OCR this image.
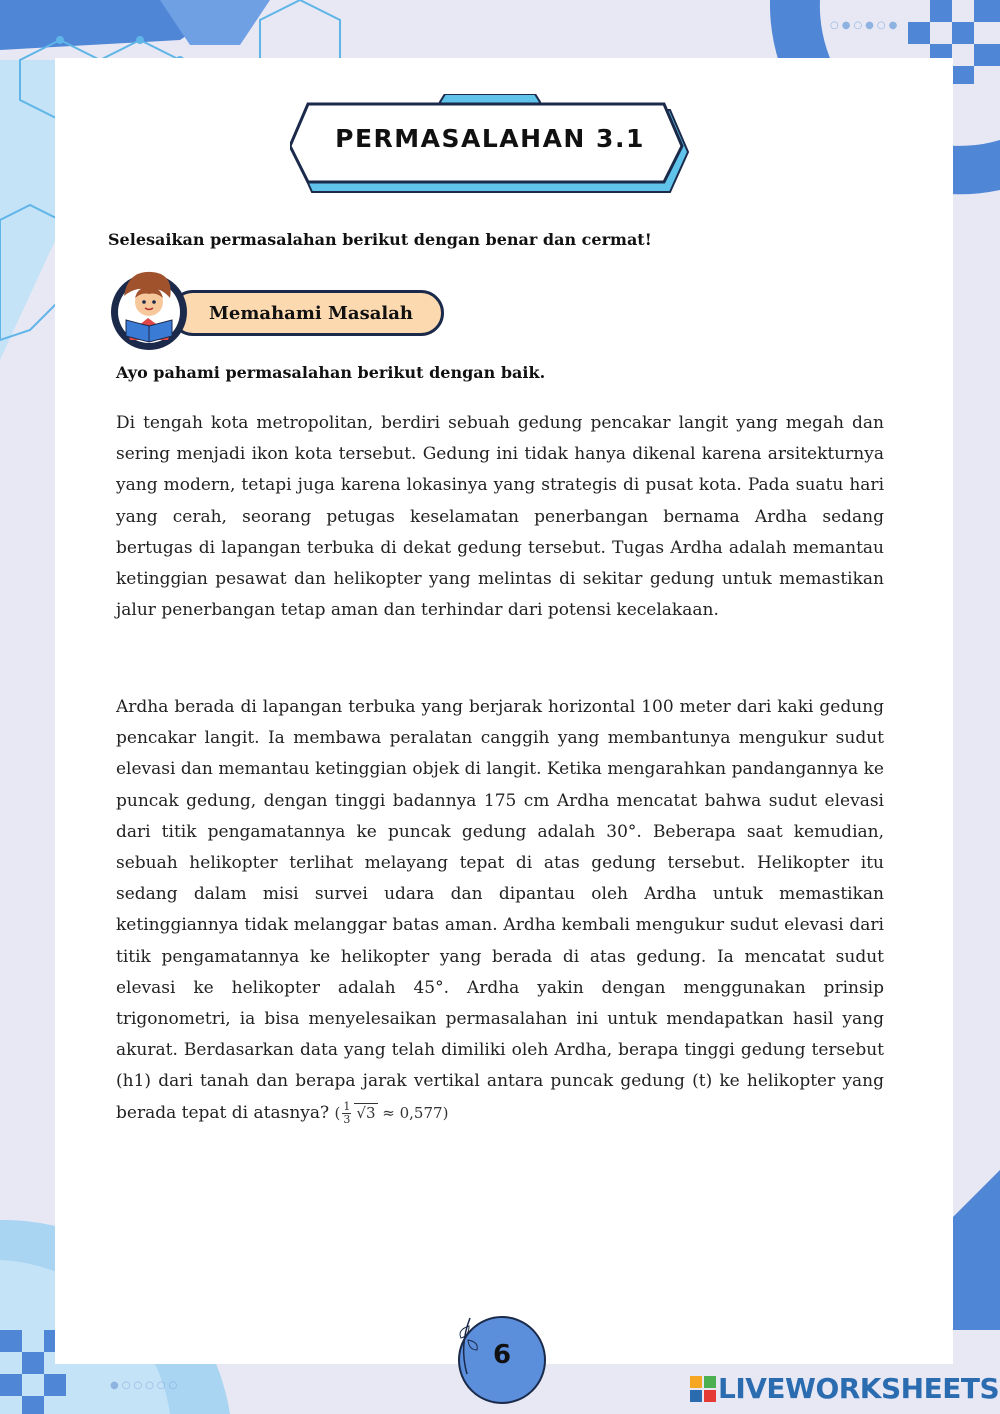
○●○●○●
●○○○○○
PERMASALAHAN 3.1
Selesaikan permasalahan berikut dengan benar dan cermat!
Memahami Masalah
Ayo pahami permasalahan berikut dengan baik.

Di tengah kota metropolitan, berdiri sebuah gedung pencakar langit yang megah dan sering menjadi ikon kota tersebut. Gedung ini tidak hanya dikenal karena arsitekturnya yang modern, tetapi juga karena lokasinya yang strategis di pusat kota. Pada suatu hari yang cerah, seorang petugas keselamatan penerbangan bernama Ardha sedang bertugas di lapangan terbuka di dekat gedung tersebut. Tugas Ardha adalah memantau ketinggian pesawat dan helikopter yang melintas di sekitar gedung untuk memastikan jalur penerbangan tetap aman dan terhindar dari potensi kecelakaan.

Ardha berada di lapangan terbuka yang berjarak horizontal 100 meter dari kaki gedung pencakar langit. Ia membawa peralatan canggih yang membantunya mengukur sudut elevasi dan memantau ketinggian objek di langit. Ketika mengarahkan pandangannya ke puncak gedung, dengan tinggi badannya 175 cm Ardha mencatat bahwa sudut elevasi dari titik pengamatannya ke puncak gedung adalah 30°. Beberapa saat kemudian, sebuah helikopter terlihat melayang tepat di atas gedung tersebut. Helikopter itu sedang dalam misi survei udara dan dipantau oleh Ardha untuk memastikan ketinggiannya tidak melanggar batas aman. Ardha kembali mengukur sudut elevasi dari titik pengamatannya ke helikopter yang berada di atas gedung. Ia mencatat sudut elevasi ke helikopter adalah 45°. Ardha yakin dengan menggunakan prinsip trigonometri, ia bisa menyelesaikan permasalahan ini untuk mendapatkan hasil yang akurat. Berdasarkan data yang telah dimiliki oleh Ardha, berapa tinggi gedung tersebut (h1) dari tanah dan berapa jarak vertikal antara puncak gedung (t) ke helikopter yang berada tepat di atasnya? ( $\frac{1}{3} √3 \approx 0,577$)

6
LIVEWORKSHEETS
